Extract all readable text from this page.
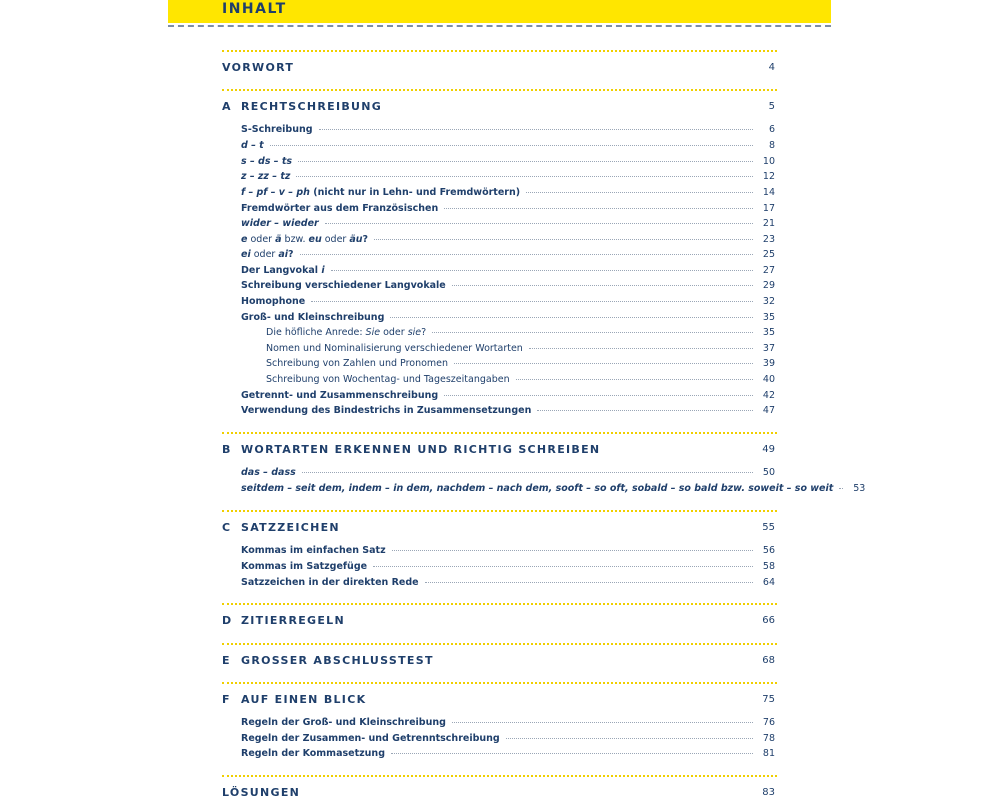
INHALT
VORWORT	4
A RECHTSCHREIBUNG	5
S-Schreibung	6
d – t	8
s – ds – ts	10
z – zz – tz	12
f – pf – v – ph (nicht nur in Lehn- und Fremdwörtern)	14
Fremdwörter aus dem Französischen	17
wider – wieder	21
e oder ä bzw. eu oder äu?	23
ei oder ai?	25
Der Langvokal i	27
Schreibung verschiedener Langvokale	29
Homophone	32
Groß- und Kleinschreibung	35
Die höfliche Anrede: Sie oder sie?	35
Nomen und Nominalisierung verschiedener Wortarten	37
Schreibung von Zahlen und Pronomen	39
Schreibung von Wochentag- und Tageszeitangaben	40
Getrennt- und Zusammenschreibung	42
Verwendung des Bindestrichs in Zusammensetzungen	47
B WORTARTEN ERKENNEN UND RICHTIG SCHREIBEN	49
das – dass	50
seitdem – seit dem, indem – in dem, nachdem – nach dem, sooft – so oft, sobald – so bald bzw. soweit – so weit 53
C SATZZEICHEN	55
Kommas im einfachen Satz	56
Kommas im Satzgefüge	58
Satzzeichen in der direkten Rede	64
D ZITIERREGELN	66
E GROSSER ABSCHLUSSTEST	68
F AUF EINEN BLICK	75
Regeln der Groß- und Kleinschreibung	76
Regeln der Zusammen- und Getrenntschreibung	78
Regeln der Kommasetzung	81
LÖSUNGEN	83
